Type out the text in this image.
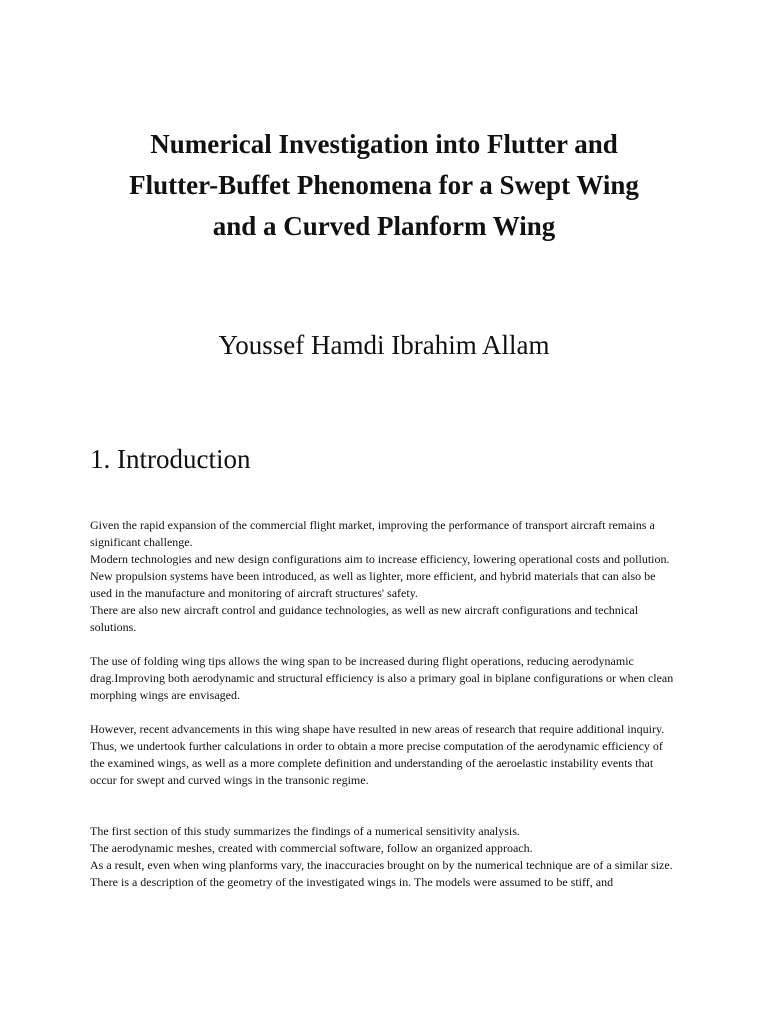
Numerical Investigation into Flutter and
Flutter-Buffet Phenomena for a Swept Wing
and a Curved Planform Wing
Youssef Hamdi Ibrahim Allam
1. Introduction

Given the rapid expansion of the commercial flight market, improving the performance of transport aircraft remains a significant challenge.
Modern technologies and new design configurations aim to increase efficiency, lowering operational costs and pollution.
New propulsion systems have been introduced, as well as lighter, more efficient, and hybrid materials that can also be used in the manufacture and monitoring of aircraft structures' safety.
There are also new aircraft control and guidance technologies, as well as new aircraft configurations and technical solutions.

The use of folding wing tips allows the wing span to be increased during flight operations, reducing aerodynamic drag.Improving both aerodynamic and structural efficiency is also a primary goal in biplane configurations or when clean morphing wings are envisaged.

However, recent advancements in this wing shape have resulted in new areas of research that require additional inquiry. Thus, we undertook further calculations in order to obtain a more precise computation of the aerodynamic efficiency of the examined wings, as well as a more complete definition and understanding of the aeroelastic instability events that occur for swept and curved wings in the transonic regime.

The first section of this study summarizes the findings of a numerical sensitivity analysis.
The aerodynamic meshes, created with commercial software, follow an organized approach.
As a result, even when wing planforms vary, the inaccuracies brought on by the numerical technique are of a similar size. There is a description of the geometry of the investigated wings in. The models were assumed to be stiff, and
